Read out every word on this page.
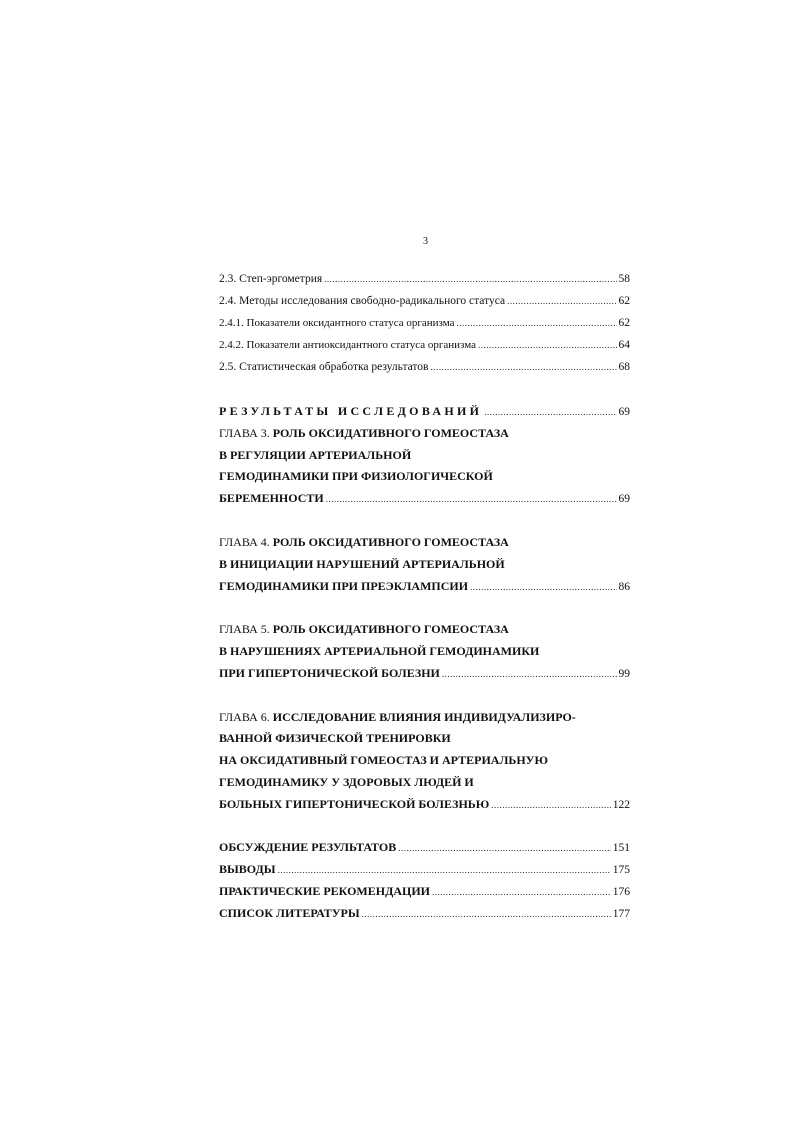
3
2.3. Степ-эргометрия .....	58
2.4. Методы исследования свободно-радикального статуса .....	62
2.4.1. Показатели оксидантного статуса организма .....	62
2.4.2. Показатели антиоксидантного статуса организма .....	64
2.5. Статистическая обработка результатов .....	68
РЕЗУЛЬТАТЫ ИССЛЕДОВАНИЙ .....	69
ГЛАВА 3. РОЛЬ ОКСИДАТИВНОГО ГОМЕОСТАЗА
В РЕГУЛЯЦИИ АРТЕРИАЛЬНОЙ
ГЕМОДИНАМИКИ ПРИ ФИЗИОЛОГИЧЕСКОЙ
БЕРЕМЕННОСТИ .....	69
ГЛАВА 4. РОЛЬ ОКСИДАТИВНОГО ГОМЕОСТАЗА
В ИНИЦИАЦИИ НАРУШЕНИЙ АРТЕРИАЛЬНОЙ
ГЕМОДИНАМИКИ ПРИ ПРЕЭКЛАМПСИИ .....	86
ГЛАВА 5. РОЛЬ ОКСИДАТИВНОГО ГОМЕОСТАЗА
В НАРУШЕНИЯХ АРТЕРИАЛЬНОЙ ГЕМОДИНАМИКИ
ПРИ ГИПЕРТОНИЧЕСКОЙ БОЛЕЗНИ .....	99
ГЛАВА 6. ИССЛЕДОВАНИЕ ВЛИЯНИЯ ИНДИВИДУАЛИЗИРО-
ВАННОЙ ФИЗИЧЕСКОЙ ТРЕНИРОВКИ
НА ОКСИДАТИВНЫЙ ГОМЕОСТАЗ И АРТЕРИАЛЬНУЮ
ГЕМОДИНАМИКУ У ЗДОРОВЫХ ЛЮДЕЙ И
БОЛЬНЫХ ГИПЕРТОНИЧЕСКОЙ БОЛЕЗНЬЮ .....	122
ОБСУЖДЕНИЕ РЕЗУЛЬТАТОВ .....	151
ВЫВОДЫ .....	175
ПРАКТИЧЕСКИЕ РЕКОМЕНДАЦИИ .....	176
СПИСОК ЛИТЕРАТУРЫ .....	177
